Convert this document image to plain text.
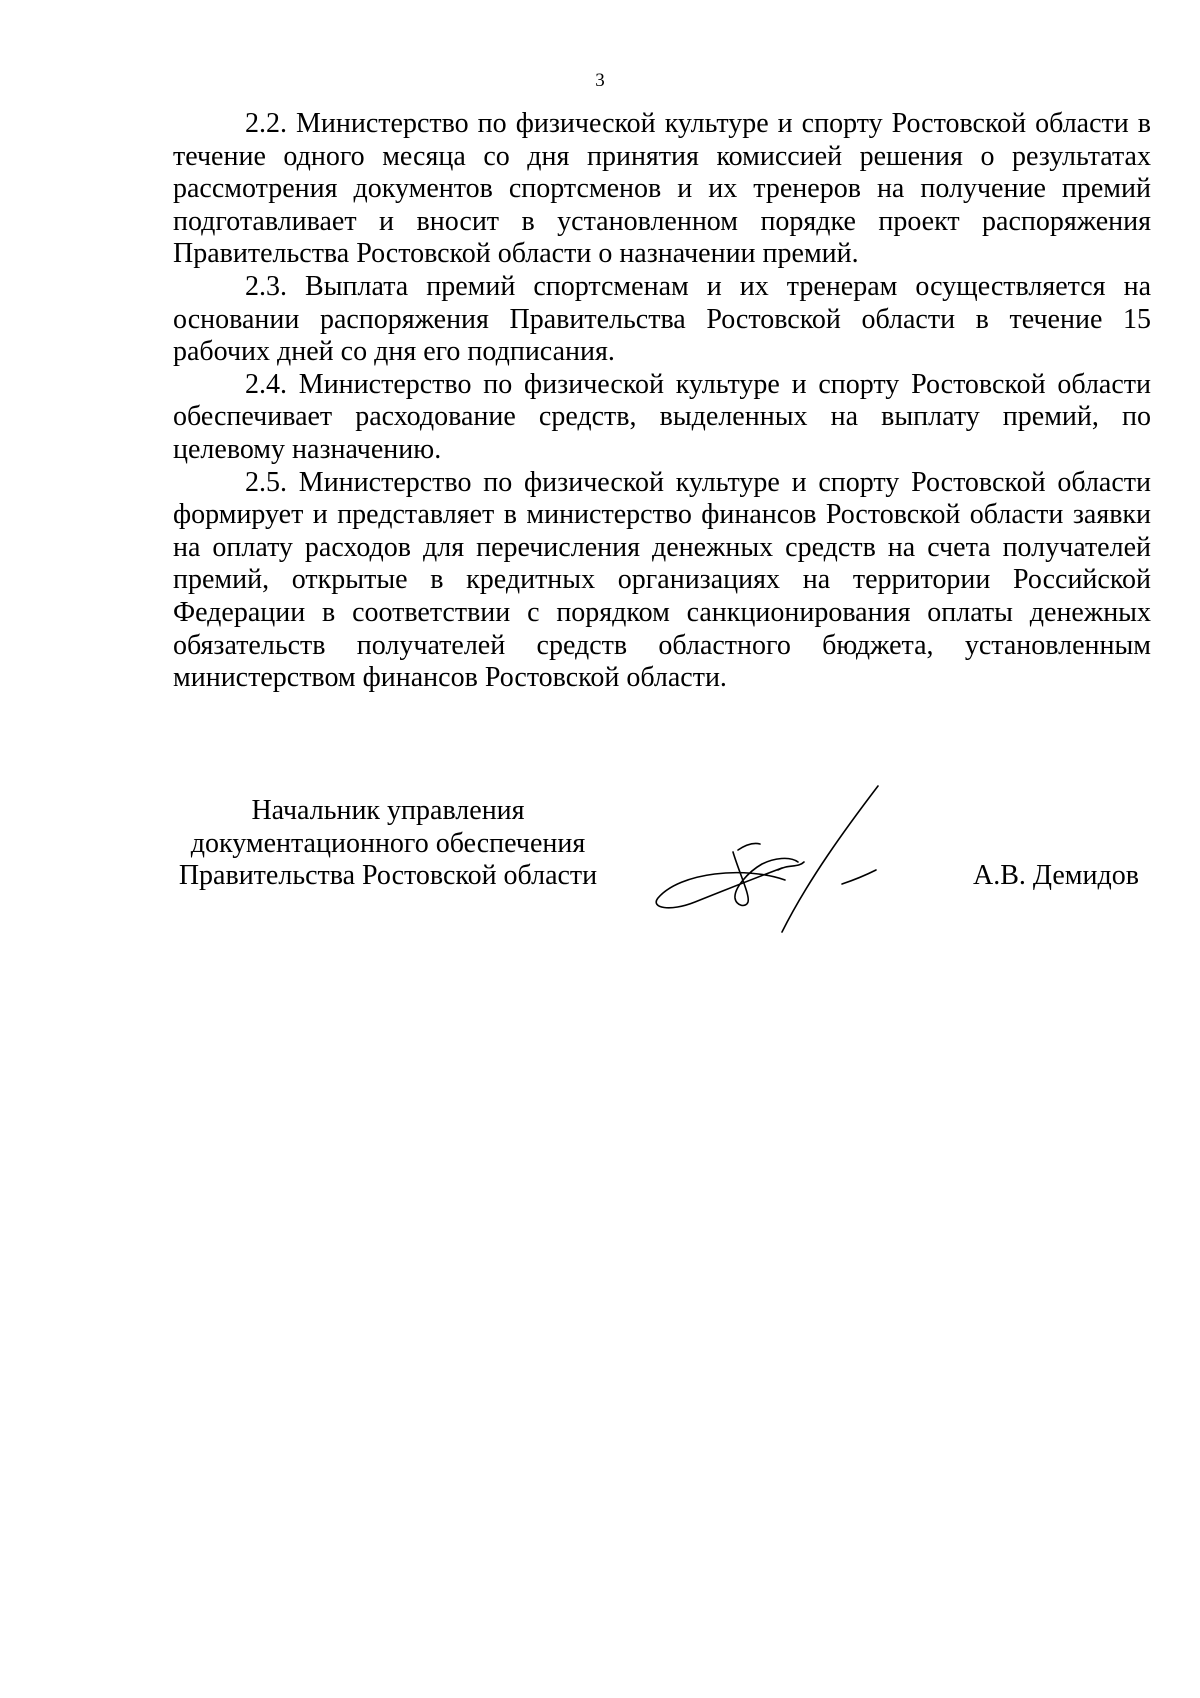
3

2.2. Министерство по физической культуре и спорту Ростовской области в течение одного месяца со дня принятия комиссией решения о результатах рассмотрения документов спортсменов и их тренеров на получение премий подготавливает и вносит в установленном порядке проект распоряжения Правительства Ростовской области о назначении премий.

2.3. Выплата премий спортсменам и их тренерам осуществляется на основании распоряжения Правительства Ростовской области в течение 15 рабочих дней со дня его подписания.

2.4. Министерство по физической культуре и спорту Ростовской области обеспечивает расходование средств, выделенных на выплату премий, по целевому назначению.

2.5. Министерство по физической культуре и спорту Ростовской области формирует и представляет в министерство финансов Ростовской области заявки на оплату расходов для перечисления денежных средств на счета получателей премий, открытые в кредитных организациях на территории Российской Федерации в соответствии с порядком санкционирования оплаты денежных обязательств получателей средств областного бюджета, установленным министерством финансов Ростовской области.

Начальник управления
документационного обеспечения
Правительства Ростовской области	А.В. Демидов
